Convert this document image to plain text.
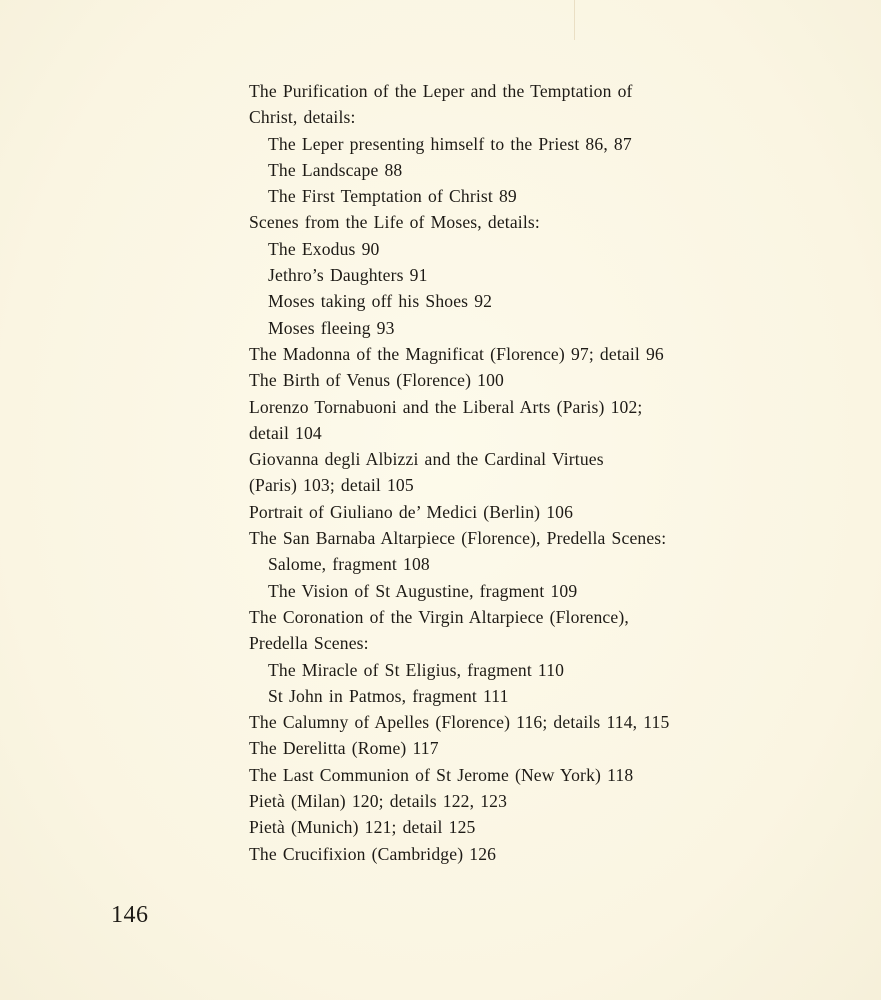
The Purification of the Leper and the Temptation of
Christ, details:
The Leper presenting himself to the Priest 86, 87
The Landscape 88
The First Temptation of Christ 89
Scenes from the Life of Moses, details:
The Exodus 90
Jethro’s Daughters 91
Moses taking off his Shoes 92
Moses fleeing 93
The Madonna of the Magnificat (Florence) 97; detail 96
The Birth of Venus (Florence) 100
Lorenzo Tornabuoni and the Liberal Arts (Paris) 102;
detail 104
Giovanna degli Albizzi and the Cardinal Virtues
(Paris) 103; detail 105
Portrait of Giuliano de’ Medici (Berlin) 106
The San Barnaba Altarpiece (Florence), Predella Scenes:
Salome, fragment 108
The Vision of St Augustine, fragment 109
The Coronation of the Virgin Altarpiece (Florence),
Predella Scenes:
The Miracle of St Eligius, fragment 110
St John in Patmos, fragment 111
The Calumny of Apelles (Florence) 116; details 114, 115
The Derelitta (Rome) 117
The Last Communion of St Jerome (New York) 118
Pietà (Milan) 120; details 122, 123
Pietà (Munich) 121; detail 125
The Crucifixion (Cambridge) 126
146
